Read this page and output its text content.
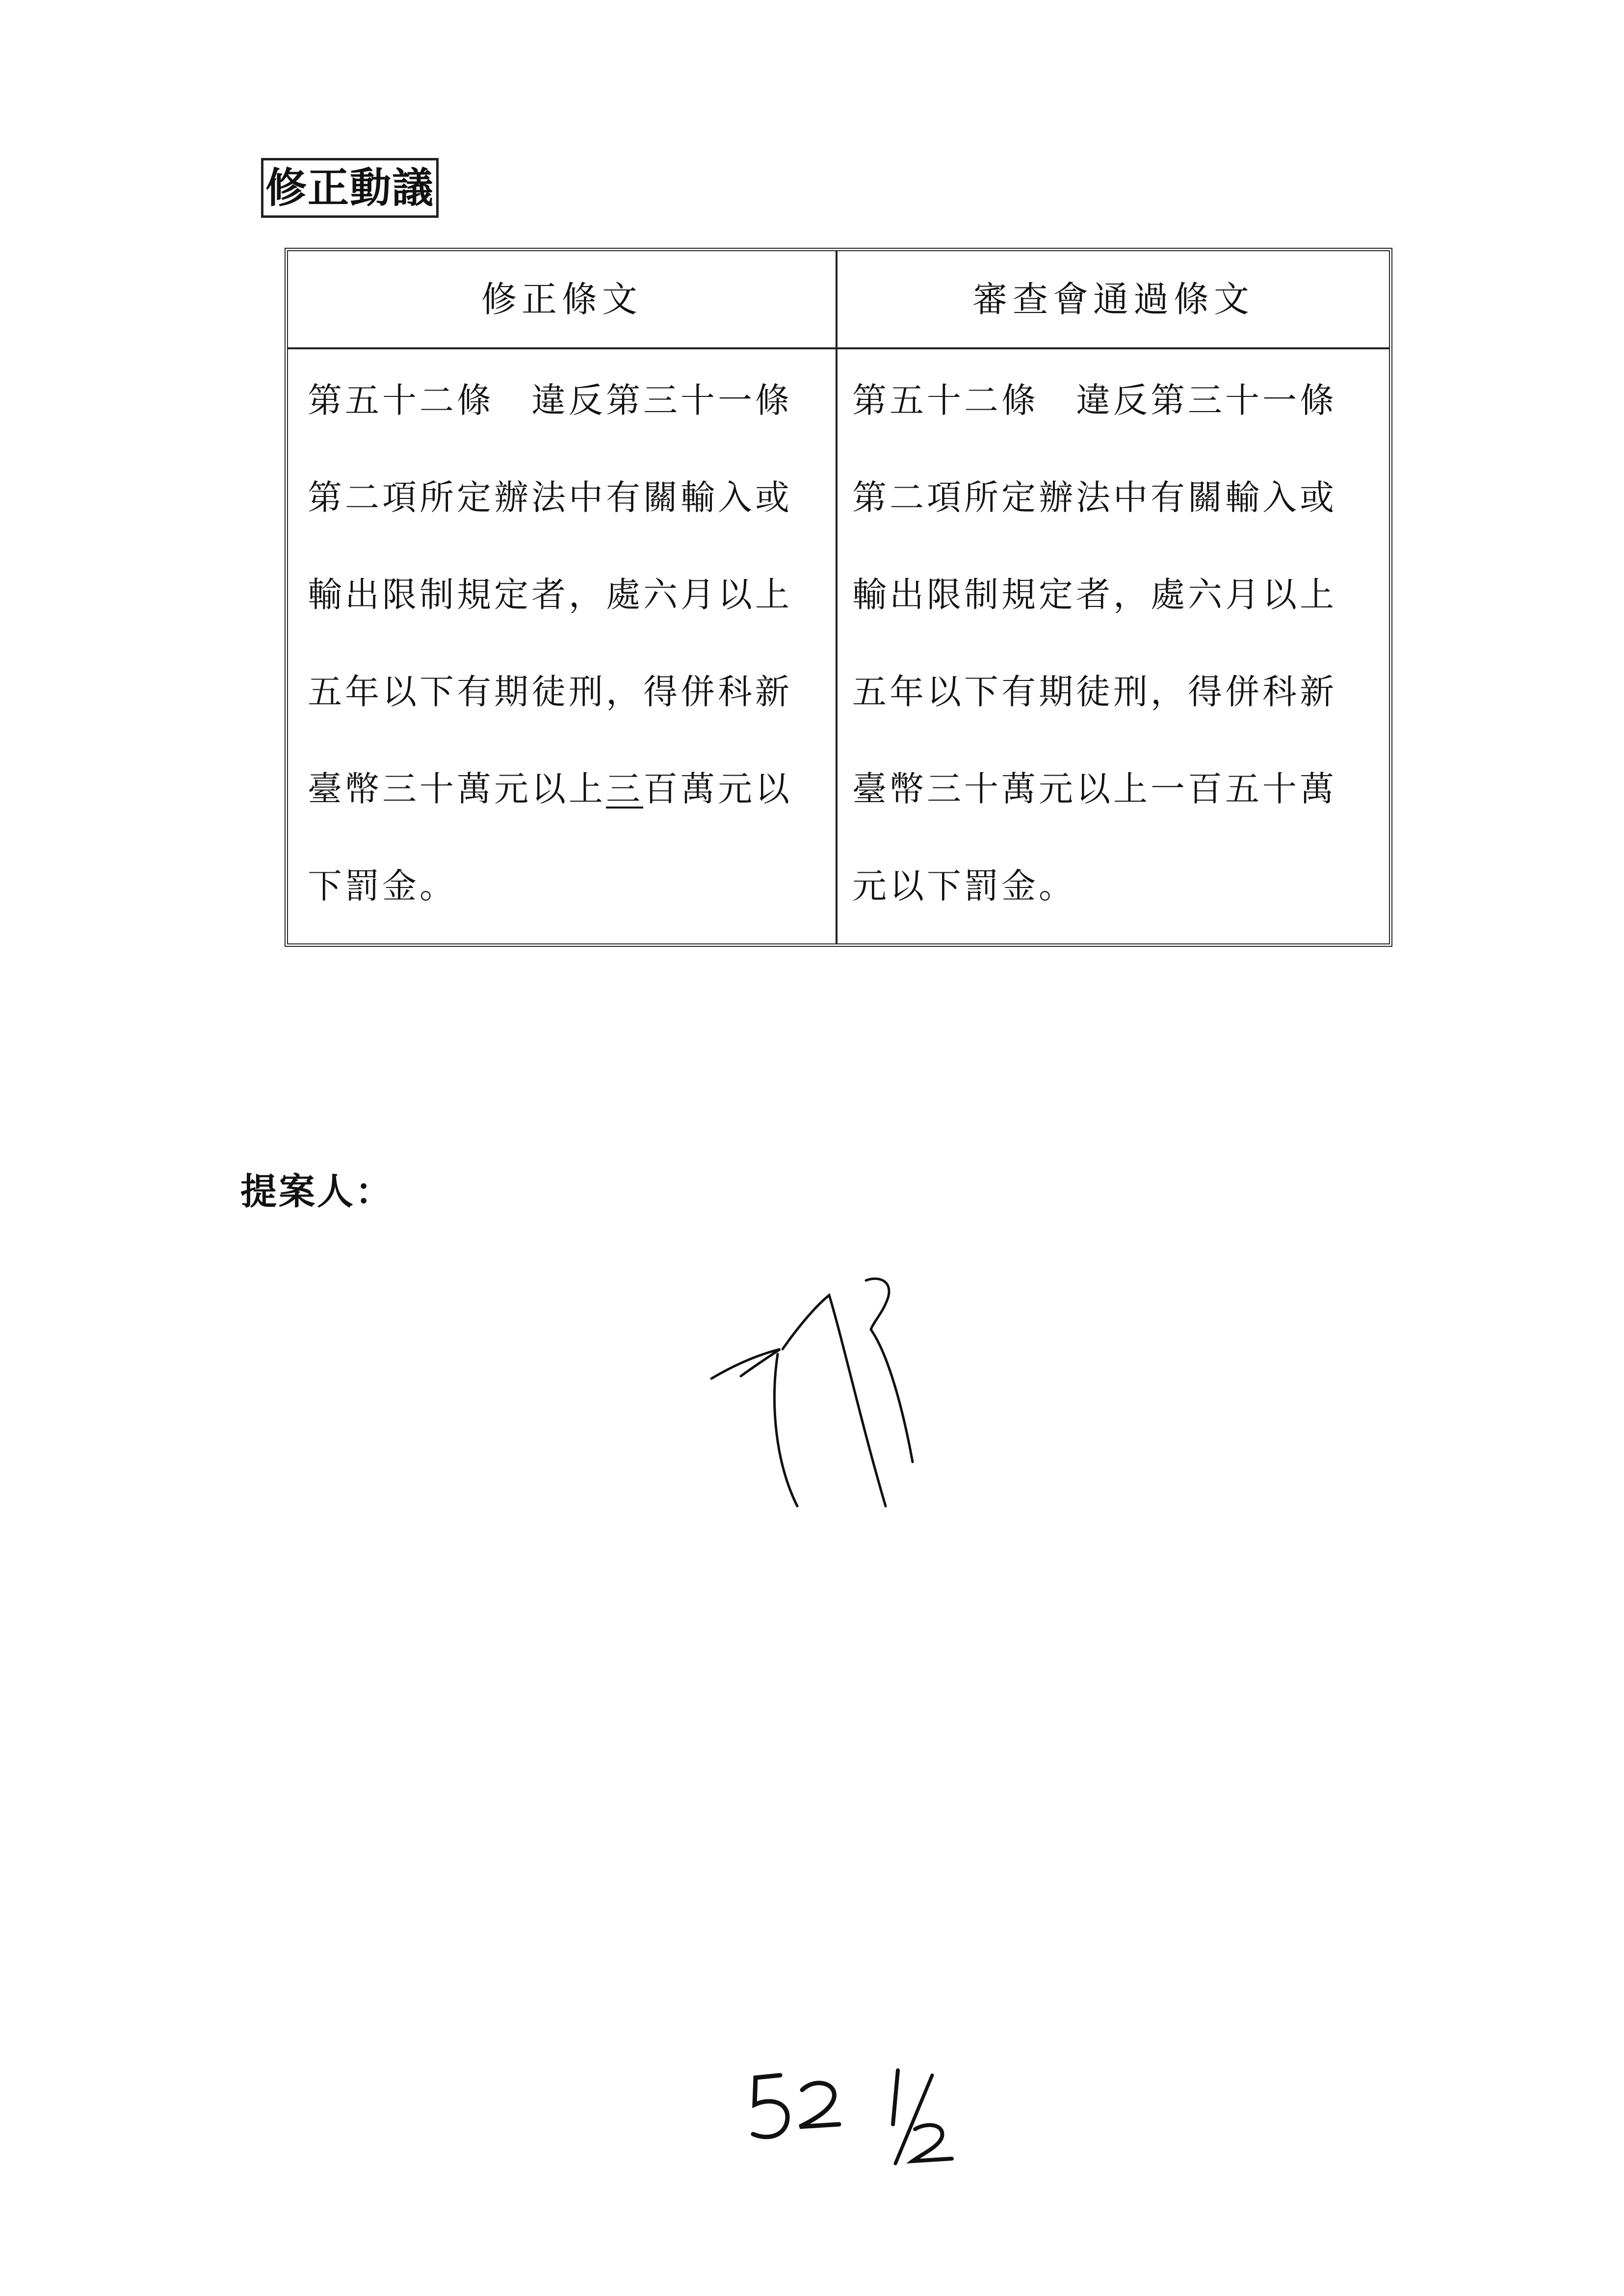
修正動議
修正條文	審查會通過條文
第五十二條　違反第三十一條
第二項所定辦法中有關輸入或
輸出限制規定者，處六月以上
五年以下有期徒刑，得併科新
臺幣三十萬元以上三百萬元以
下罰金。
第五十二條　違反第三十一條
第二項所定辦法中有關輸入或
輸出限制規定者，處六月以上
五年以下有期徒刑，得併科新
臺幣三十萬元以上一百五十萬
元以下罰金。
提案人：
